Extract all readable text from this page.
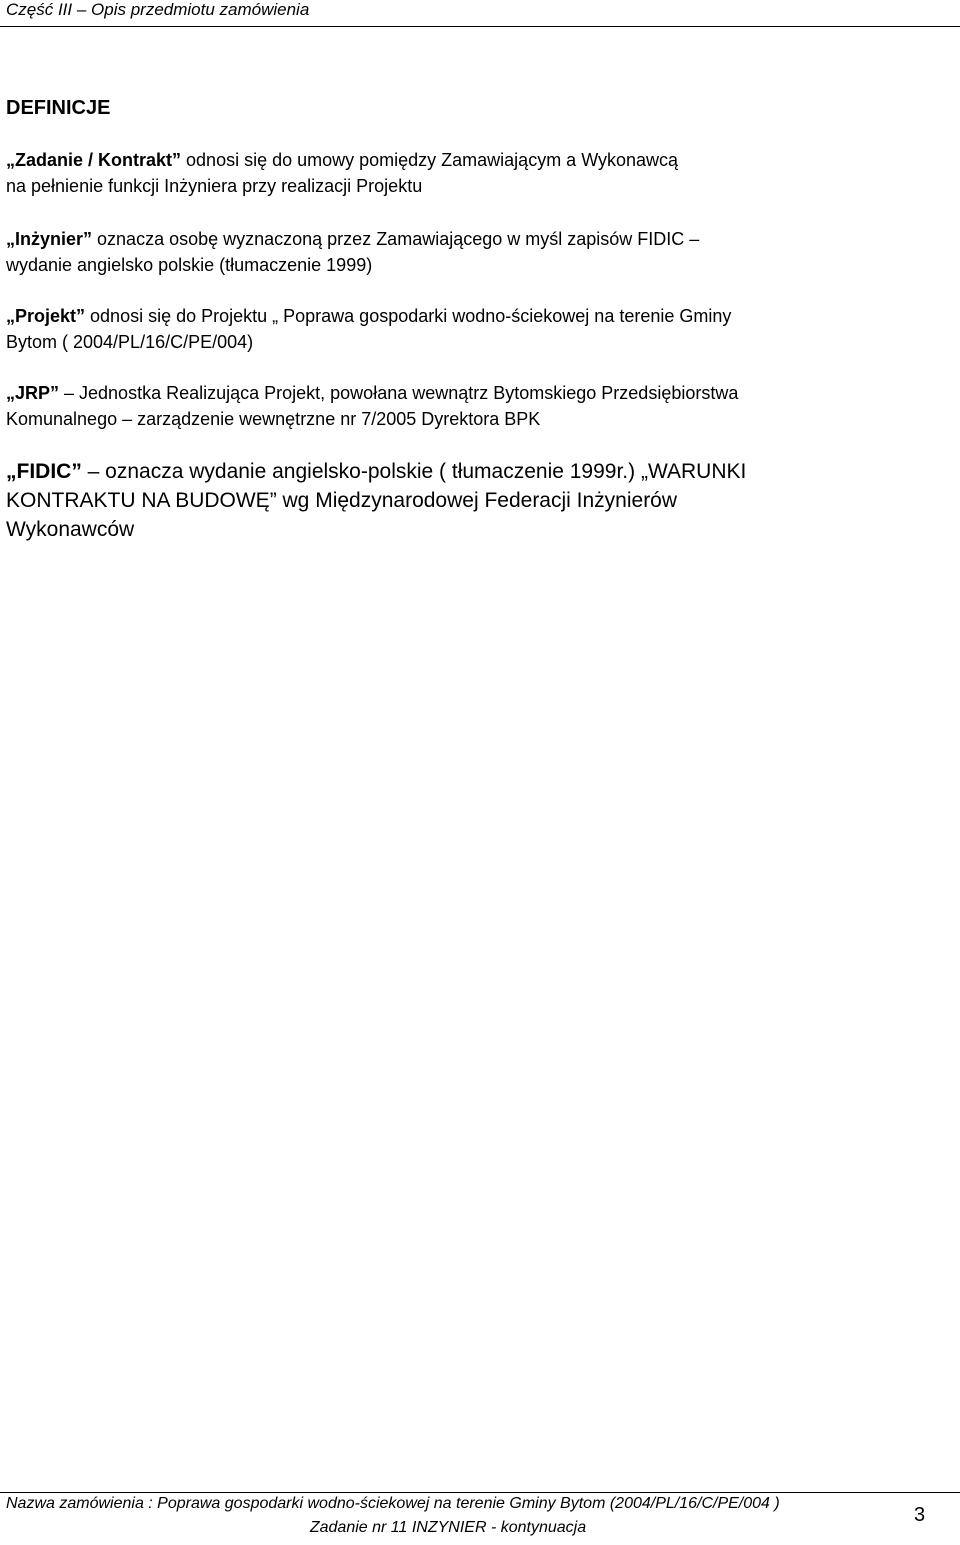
Część III – Opis przedmiotu zamówienia
DEFINICJE

„Zadanie / Kontrakt” odnosi się do umowy pomiędzy Zamawiającym a Wykonawcą
na pełnienie funkcji Inżyniera przy realizacji Projektu

„Inżynier” oznacza osobę wyznaczoną przez Zamawiającego w myśl zapisów FIDIC –
wydanie angielsko polskie (tłumaczenie 1999)

„Projekt” odnosi się do Projektu „ Poprawa gospodarki wodno-ściekowej na terenie Gminy
Bytom ( 2004/PL/16/C/PE/004)

„JRP” – Jednostka Realizująca Projekt, powołana wewnątrz Bytomskiego Przedsiębiorstwa
Komunalnego – zarządzenie wewnętrzne nr 7/2005 Dyrektora BPK

„FIDIC” – oznacza wydanie angielsko-polskie ( tłumaczenie 1999r.) „WARUNKI
KONTRAKTU NA BUDOWĘ” wg Międzynarodowej Federacji Inżynierów
Wykonawców

Nazwa zamówienia : Poprawa gospodarki wodno-ściekowej na terenie Gminy Bytom (2004/PL/16/C/PE/004 )
Zadanie nr 11 INZYNIER - kontynuacja
3
